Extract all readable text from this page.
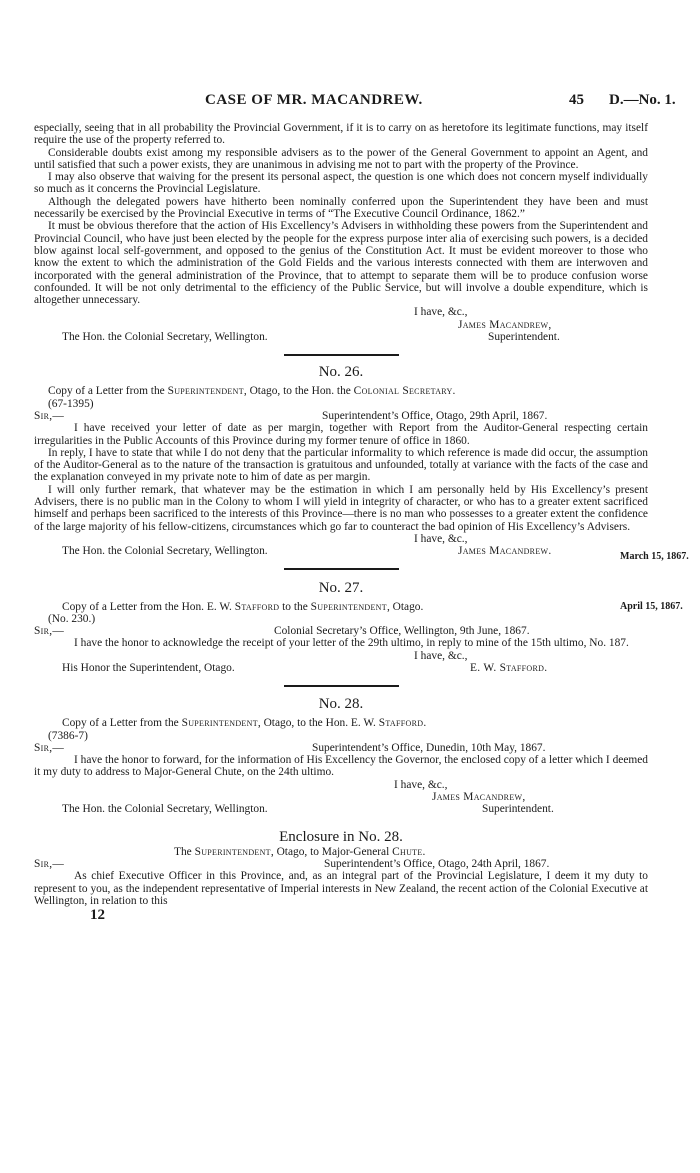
CASE OF MR. MACANDREW.	45 D.—No. 1.
April 15, 1867.
March 15, 1867.

especially, seeing that in all probability the Provincial Government, if it is to carry on as heretofore its legitimate functions, may itself require the use of the property referred to.

Considerable doubts exist among my responsible advisers as to the power of the General Government to appoint an Agent, and until satisfied that such a power exists, they are unanimous in advising me not to part with the property of the Province.

I may also observe that waiving for the present its personal aspect, the question is one which does not concern myself individually so much as it concerns the Provincial Legislature.

Although the delegated powers have hitherto been nominally conferred upon the Superintendent they have been and must necessarily be exercised by the Provincial Executive in terms of “The Executive Council Ordinance, 1862.”

It must be obvious therefore that the action of His Excellency’s Advisers in withholding these powers from the Superintendent and Provincial Council, who have just been elected by the people for the express purpose inter alia of exercising such powers, is a decided blow against local self-government, and opposed to the genius of the Constitution Act. It must be evident moreover to those who know the extent to which the administration of the Gold Fields and the various interests connected with them are interwoven and incorporated with the general administration of the Province, that to attempt to separate them will be to produce confusion worse confounded. It will be not only detrimental to the efficiency of the Public Service, but will involve a double expenditure, which is altogether unnecessary.

I have, &c.,
James Macandrew,
The Hon. the Colonial Secretary, Wellington.	Superintendent.
No. 26.

Copy of a Letter from the Superintendent, Otago, to the Hon. the Colonial Secretary.

(67-1395)

Sir,—	Superintendent’s Office, Otago, 29th April, 1867.

I have received your letter of date as per margin, together with Report from the Auditor-General respecting certain irregularities in the Public Accounts of this Province during my former tenure of office in 1860.

In reply, I have to state that while I do not deny that the particular informality to which reference is made did occur, the assumption of the Auditor-General as to the nature of the transaction is gratuitous and unfounded, totally at variance with the facts of the case and the explanation conveyed in my private note to him of date as per margin.

I will only further remark, that whatever may be the estimation in which I am personally held by His Excellency’s present Advisers, there is no public man in the Colony to whom I will yield in integrity of character, or who has to a greater extent sacrificed himself and perhaps been sacrificed to the interests of this Province—there is no man who possesses to a greater extent the confidence of the large majority of his fellow-citizens, circumstances which go far to counteract the bad opinion of His Excellency’s Advisers.

I have, &c.,
The Hon. the Colonial Secretary, Wellington.	James Macandrew.
No. 27.

Copy of a Letter from the Hon. E. W. Stafford to the Superintendent, Otago.

(No. 230.)

Sir,—	Colonial Secretary’s Office, Wellington, 9th June, 1867.

I have the honor to acknowledge the receipt of your letter of the 29th ultimo, in reply to mine of the 15th ultimo, No. 187.

I have, &c.,
His Honor the Superintendent, Otago.	E. W. Stafford.
No. 28.

Copy of a Letter from the Superintendent, Otago, to the Hon. E. W. Stafford.

(7386-7)

Sir,—	Superintendent’s Office, Dunedin, 10th May, 1867.

I have the honor to forward, for the information of His Excellency the Governor, the enclosed copy of a letter which I deemed it my duty to address to Major-General Chute, on the 24th ultimo.

I have, &c.,
James Macandrew,
The Hon. the Colonial Secretary, Wellington.	Superintendent.
Enclosure in No. 28.

The Superintendent, Otago, to Major-General Chute.

Sir,—	Superintendent’s Office, Otago, 24th April, 1867.

As chief Executive Officer in this Province, and, as an integral part of the Provincial Legislature, I deem it my duty to represent to you, as the independent representative of Imperial interests in New Zealand, the recent action of the Colonial Executive at Wellington, in relation to this

12
